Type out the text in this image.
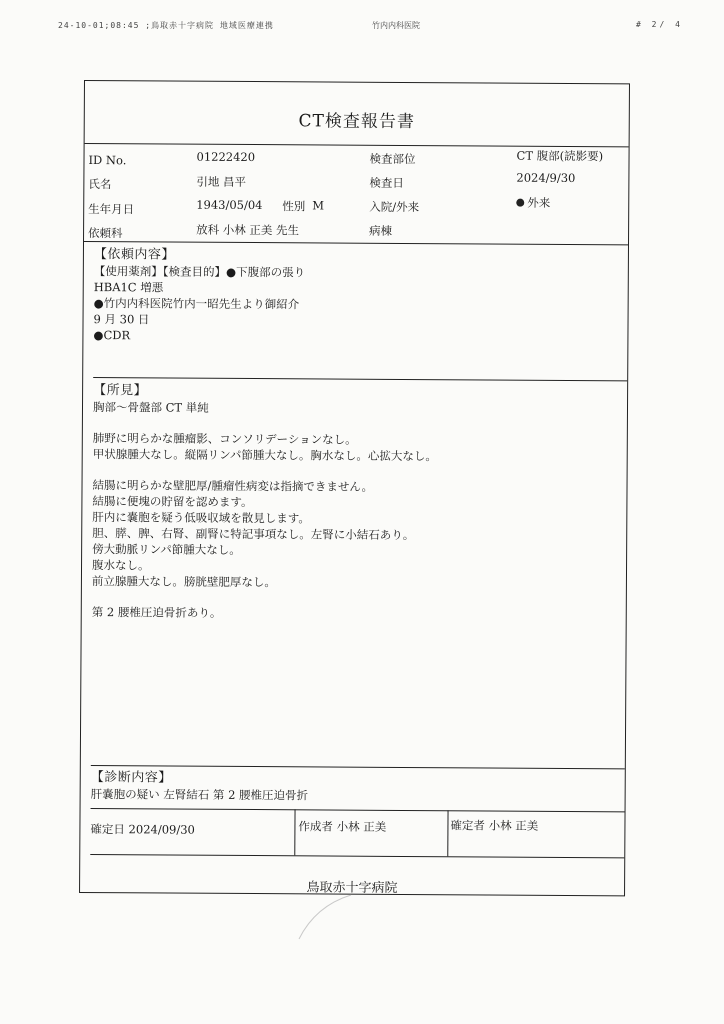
24-10-01;08:45 ;鳥取赤十字病院 地域医療連携	竹内内科医院	# 2/ 4
CT検査報告書
ID No.	01222420	検査部位	CT 腹部(読影要)
氏名	引地 昌平	検査日	2024/9/30
生年月日	1943/05/04 性別 M	入院/外来	外来
依頼科	放科 小林 正美 先生	病棟
【依頼内容】
【使用薬剤】【検査目的】●下腹部の張り
HBA1C 増悪
●竹内内科医院竹内一昭先生より御紹介
9 月 30 日
●CDR
【所見】
胸部～骨盤部 CT 単純
肺野に明らかな腫瘤影、コンソリデーションなし。
甲状腺腫大なし。縦隔リンパ節腫大なし。胸水なし。心拡大なし。
結腸に明らかな壁肥厚/腫瘤性病変は指摘できません。
結腸に便塊の貯留を認めます。
肝内に嚢胞を疑う低吸収域を散見します。
胆、膵、脾、右腎、副腎に特記事項なし。左腎に小結石あり。
傍大動脈リンパ節腫大なし。
腹水なし。
前立腺腫大なし。膀胱壁肥厚なし。
第 2 腰椎圧迫骨折あり。
【診断内容】
肝嚢胞の疑い 左腎結石 第 2 腰椎圧迫骨折
確定日 2024/09/30	作成者 小林 正美	確定者 小林 正美
鳥取赤十字病院
